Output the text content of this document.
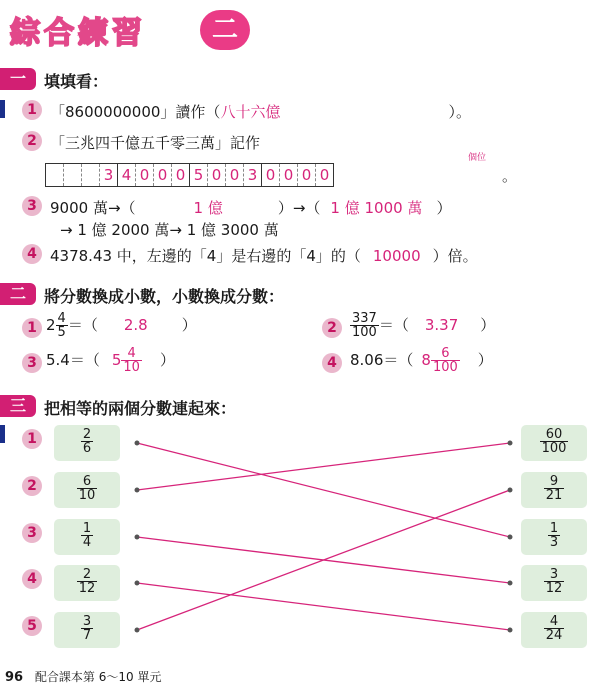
綜合練習	二
一	填填看：
1 「8600000000」讀作（八十六億	）。
2 「三兆四千億五千零三萬」記作
個位
3 4 0 0 0 5 0 0 3 0 0 0 0	。
3 9000 萬→（	1 億	）→（ 1 億 1000 萬 ）
→ 1 億 2000 萬→ 1 億 3000 萬
4 4378.43 中，左邊的「4」是右邊的「4」的（ 10000 ）倍。
二	將分數換成小數，小數換成分數：
1 $2 \frac{4}{5}$ ＝（ 2.8 ）	2	$\frac{337}{100}$ ＝（ 3.37 ）
3 5.4＝（ $5 \frac{4}{10}$ ）	4 8.06＝（ $8 \frac{6}{100}$ ）
三	把相等的兩個分數連起來：
1	$\frac{2}{6}$
2	$\frac{6}{10}$
3	$\frac{1}{4}$
4	$\frac{2}{12}$
5	$\frac{3}{7}$
$\frac{60}{100}$
$\frac{9}{21}$
$\frac{1}{3}$
$\frac{3}{12}$
$\frac{4}{24}$
96 配合課本第 6～10 單元
